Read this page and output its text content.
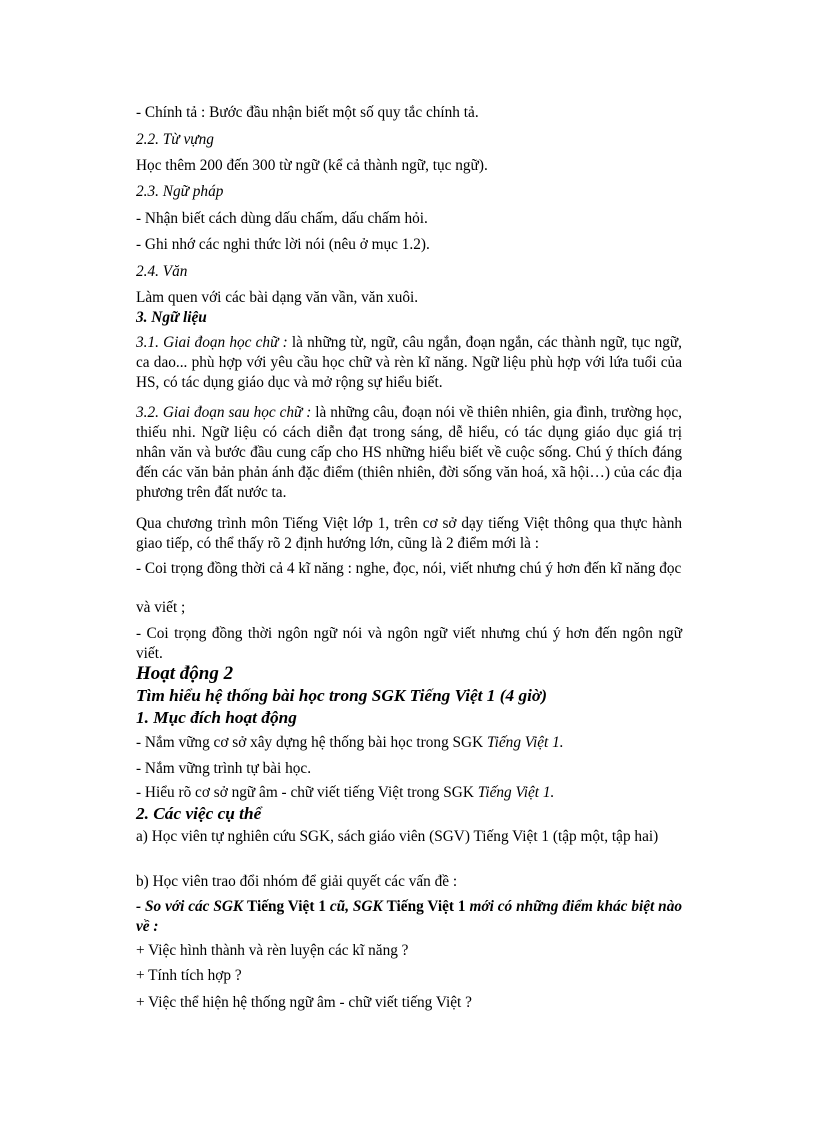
- Chính tả : Bước đầu nhận biết một số quy tắc chính tả.

2.2. Từ vựng

Học thêm 200 đến 300 từ ngữ (kể cả thành ngữ, tục ngữ).

2.3. Ngữ pháp

- Nhận biết cách dùng dấu chấm, dấu chấm hỏi.

- Ghi nhớ các nghi thức lời nói (nêu ở mục 1.2).

2.4. Văn

Làm quen với các bài dạng văn vần, văn xuôi.

3. Ngữ liệu

3.1. Giai đoạn học chữ : là những từ, ngữ, câu ngắn, đoạn ngắn, các thành ngữ, tục ngữ, ca dao... phù hợp với yêu cầu học chữ và rèn kĩ năng. Ngữ liệu phù hợp với lứa tuổi của HS, có tác dụng giáo dục và mở rộng sự hiểu biết.

3.2. Giai đoạn sau học chữ : là những câu, đoạn nói về thiên nhiên, gia đình, trường học, thiếu nhi. Ngữ liệu có cách diễn đạt trong sáng, dễ hiểu, có tác dụng giáo dục giá trị nhân văn và bước đầu cung cấp cho HS những hiểu biết về cuộc sống. Chú ý thích đáng đến các văn bản phản ánh đặc điểm (thiên nhiên, đời sống văn hoá, xã hội…) của các địa phương trên đất nước ta.

Qua chương trình môn Tiếng Việt lớp 1, trên cơ sở dạy tiếng Việt thông qua thực hành giao tiếp, có thể thấy rõ 2 định hướng lớn, cũng là 2 điểm mới là :

- Coi trọng đồng thời cả 4 kĩ năng : nghe, đọc, nói, viết nhưng chú ý hơn đến kĩ năng đọc

và viết ;

- Coi trọng đồng thời ngôn ngữ nói và ngôn ngữ viết nhưng chú ý hơn đến ngôn ngữ viết.

Hoạt động 2

Tìm hiểu hệ thống bài học trong SGK Tiếng Việt 1 (4 giờ)

1. Mục đích hoạt động

- Nắm vững cơ sở xây dựng hệ thống bài học trong SGK Tiếng Việt 1.

- Nắm vững trình tự bài học.

- Hiểu rõ cơ sở ngữ âm - chữ viết tiếng Việt trong SGK Tiếng Việt 1.

2. Các việc cụ thể

a) Học viên tự nghiên cứu SGK, sách giáo viên (SGV) Tiếng Việt 1 (tập một, tập hai)

b) Học viên trao đổi nhóm để giải quyết các vấn đề :

- So với các SGK Tiếng Việt 1 cũ, SGK Tiếng Việt 1 mới có những điểm khác biệt nào về :

+ Việc hình thành và rèn luyện các kĩ năng ?

+ Tính tích hợp ?

+ Việc thể hiện hệ thống ngữ âm - chữ viết tiếng Việt ?
